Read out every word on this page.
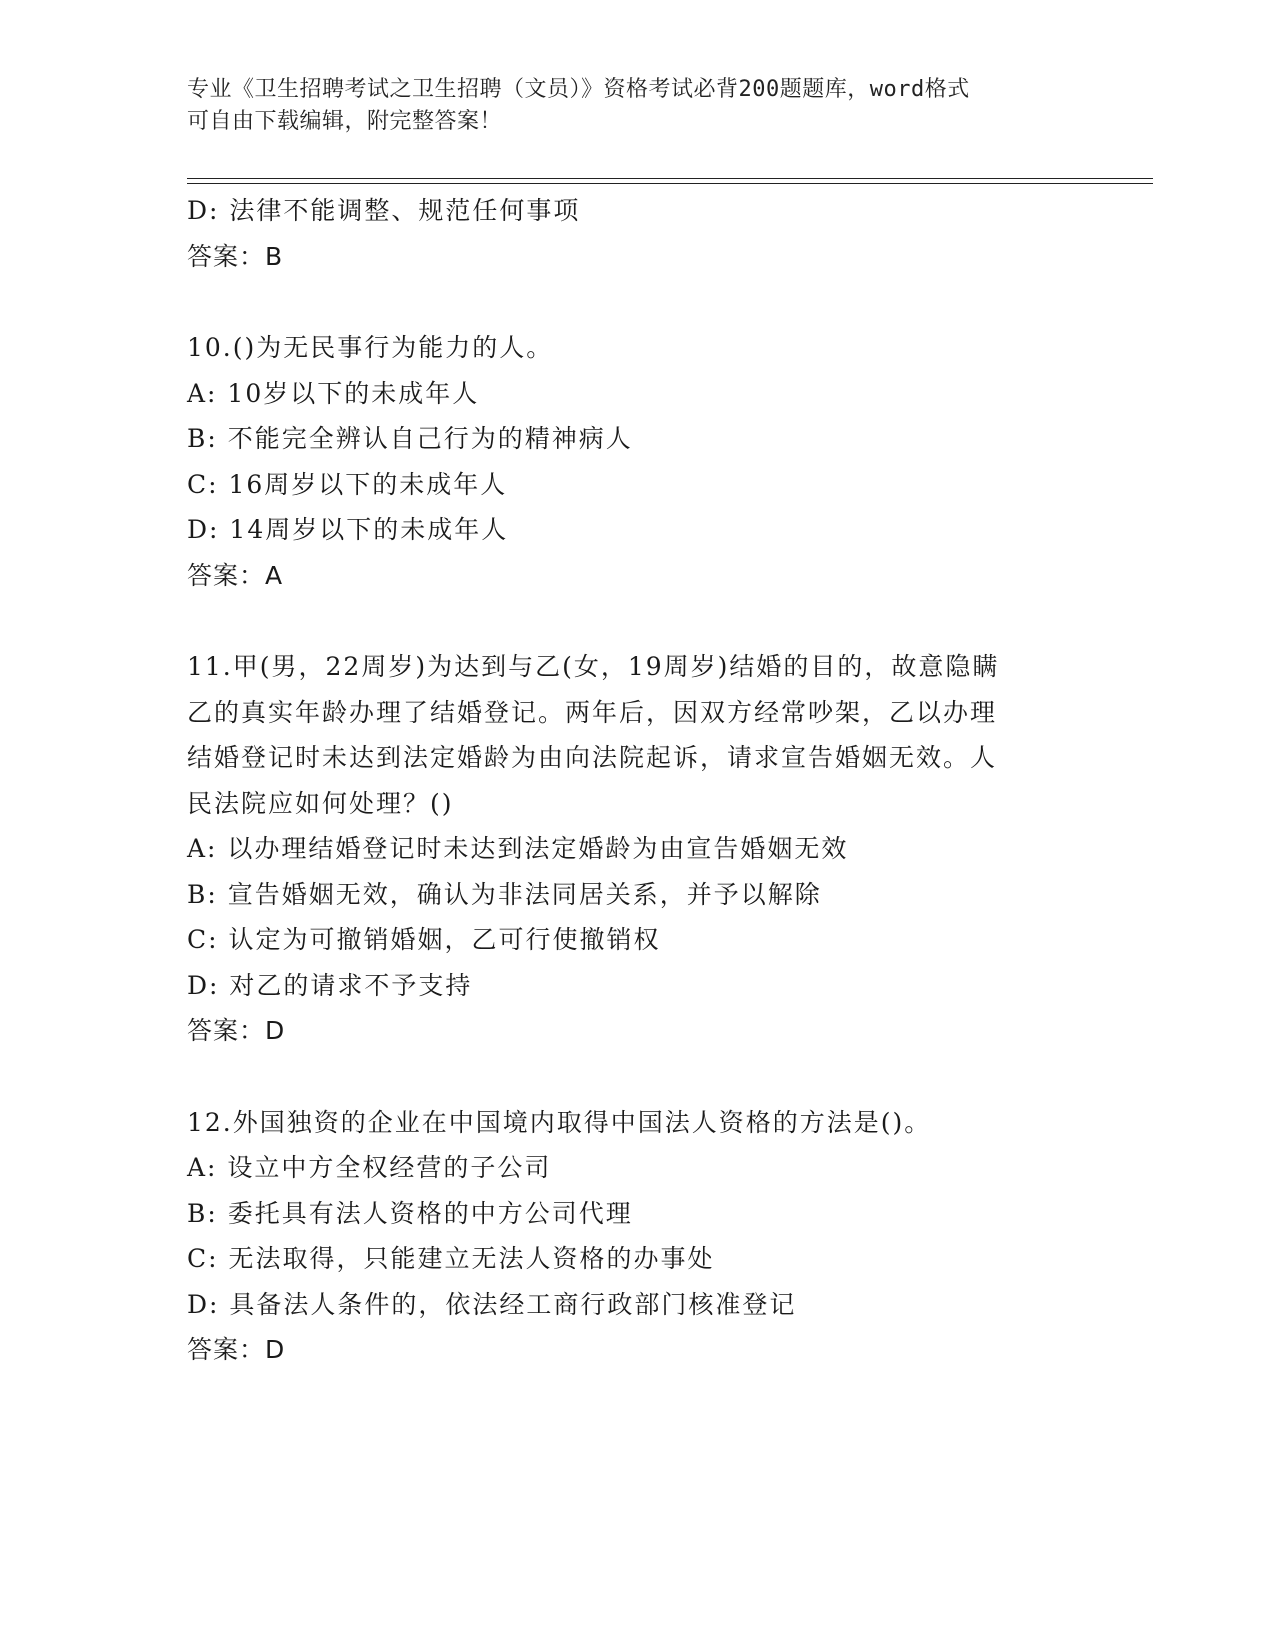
专业《卫生招聘考试之卫生招聘（文员）》资格考试必背200题题库，word格式
可自由下载编辑，附完整答案！
D: 法律不能调整、规范任何事项
答案：B
10.()为无民事行为能力的人。
A: 10岁以下的未成年人
B: 不能完全辨认自己行为的精神病人
C: 16周岁以下的未成年人
D: 14周岁以下的未成年人
答案：A
11.甲(男，22周岁)为达到与乙(女，19周岁)结婚的目的，故意隐瞒
乙的真实年龄办理了结婚登记。两年后，因双方经常吵架，乙以办理
结婚登记时未达到法定婚龄为由向法院起诉，请求宣告婚姻无效。人
民法院应如何处理？()
A: 以办理结婚登记时未达到法定婚龄为由宣告婚姻无效
B: 宣告婚姻无效，确认为非法同居关系，并予以解除
C: 认定为可撤销婚姻，乙可行使撤销权
D: 对乙的请求不予支持
答案：D
12.外国独资的企业在中国境内取得中国法人资格的方法是()。
A: 设立中方全权经营的子公司
B: 委托具有法人资格的中方公司代理
C: 无法取得，只能建立无法人资格的办事处
D: 具备法人条件的，依法经工商行政部门核准登记
答案：D
